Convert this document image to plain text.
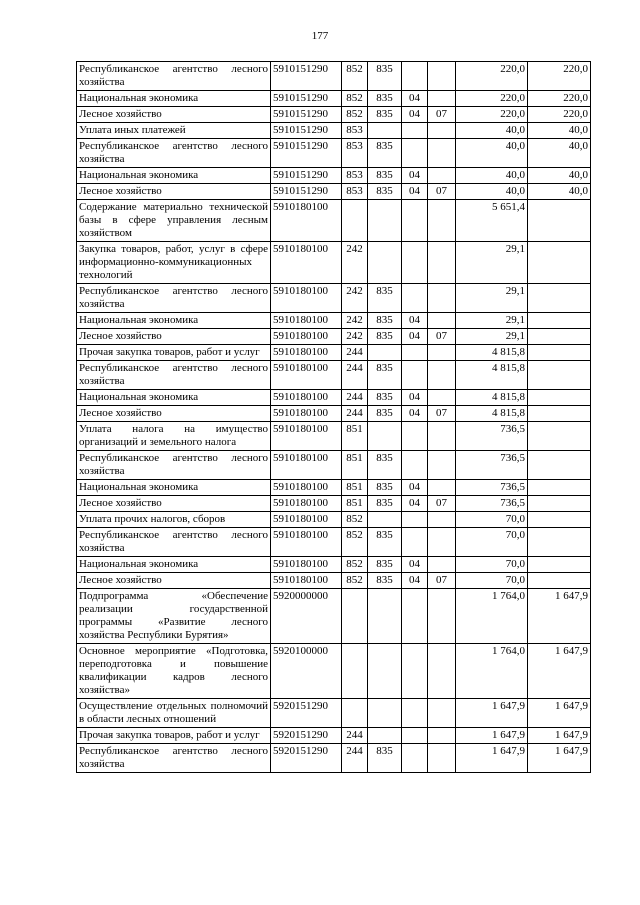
177
Республиканское агентство лесного хозяйства	5910151290	852	835			220,0	220,0
Национальная экономика	5910151290	852	835	04		220,0	220,0
Лесное хозяйство	5910151290	852	835	04	07	220,0	220,0
Уплата иных платежей	5910151290	853				40,0	40,0
Республиканское агентство лесного хозяйства	5910151290	853	835			40,0	40,0
Национальная экономика	5910151290	853	835	04		40,0	40,0
Лесное хозяйство	5910151290	853	835	04	07	40,0	40,0
Содержание материально технической базы в сфере управления лесным хозяйством	5910180100					5 651,4	
Закупка товаров, работ, услуг в сфере информационно-коммуникационных технологий	5910180100	242				29,1	
Республиканское агентство лесного хозяйства	5910180100	242	835			29,1	
Национальная экономика	5910180100	242	835	04		29,1	
Лесное хозяйство	5910180100	242	835	04	07	29,1	
Прочая закупка товаров, работ и услуг	5910180100	244				4 815,8	
Республиканское агентство лесного хозяйства	5910180100	244	835			4 815,8	
Национальная экономика	5910180100	244	835	04		4 815,8	
Лесное хозяйство	5910180100	244	835	04	07	4 815,8	
Уплата налога на имущество организаций и земельного налога	5910180100	851				736,5	
Республиканское агентство лесного хозяйства	5910180100	851	835			736,5	
Национальная экономика	5910180100	851	835	04		736,5	
Лесное хозяйство	5910180100	851	835	04	07	736,5	
Уплата прочих налогов, сборов	5910180100	852				70,0	
Республиканское агентство лесного хозяйства	5910180100	852	835			70,0	
Национальная экономика	5910180100	852	835	04		70,0	
Лесное хозяйство	5910180100	852	835	04	07	70,0	
Подпрограмма «Обеспечение реализации государственной программы «Развитие лесного хозяйства Республики Бурятия»	5920000000					1 764,0	1 647,9
Основное мероприятие «Подготовка, переподготовка и повышение квалификации кадров лесного хозяйства»	5920100000					1 764,0	1 647,9
Осуществление отдельных полномочий в области лесных отношений	5920151290					1 647,9	1 647,9
Прочая закупка товаров, работ и услуг	5920151290	244				1 647,9	1 647,9
Республиканское агентство лесного хозяйства	5920151290	244	835			1 647,9	1 647,9
